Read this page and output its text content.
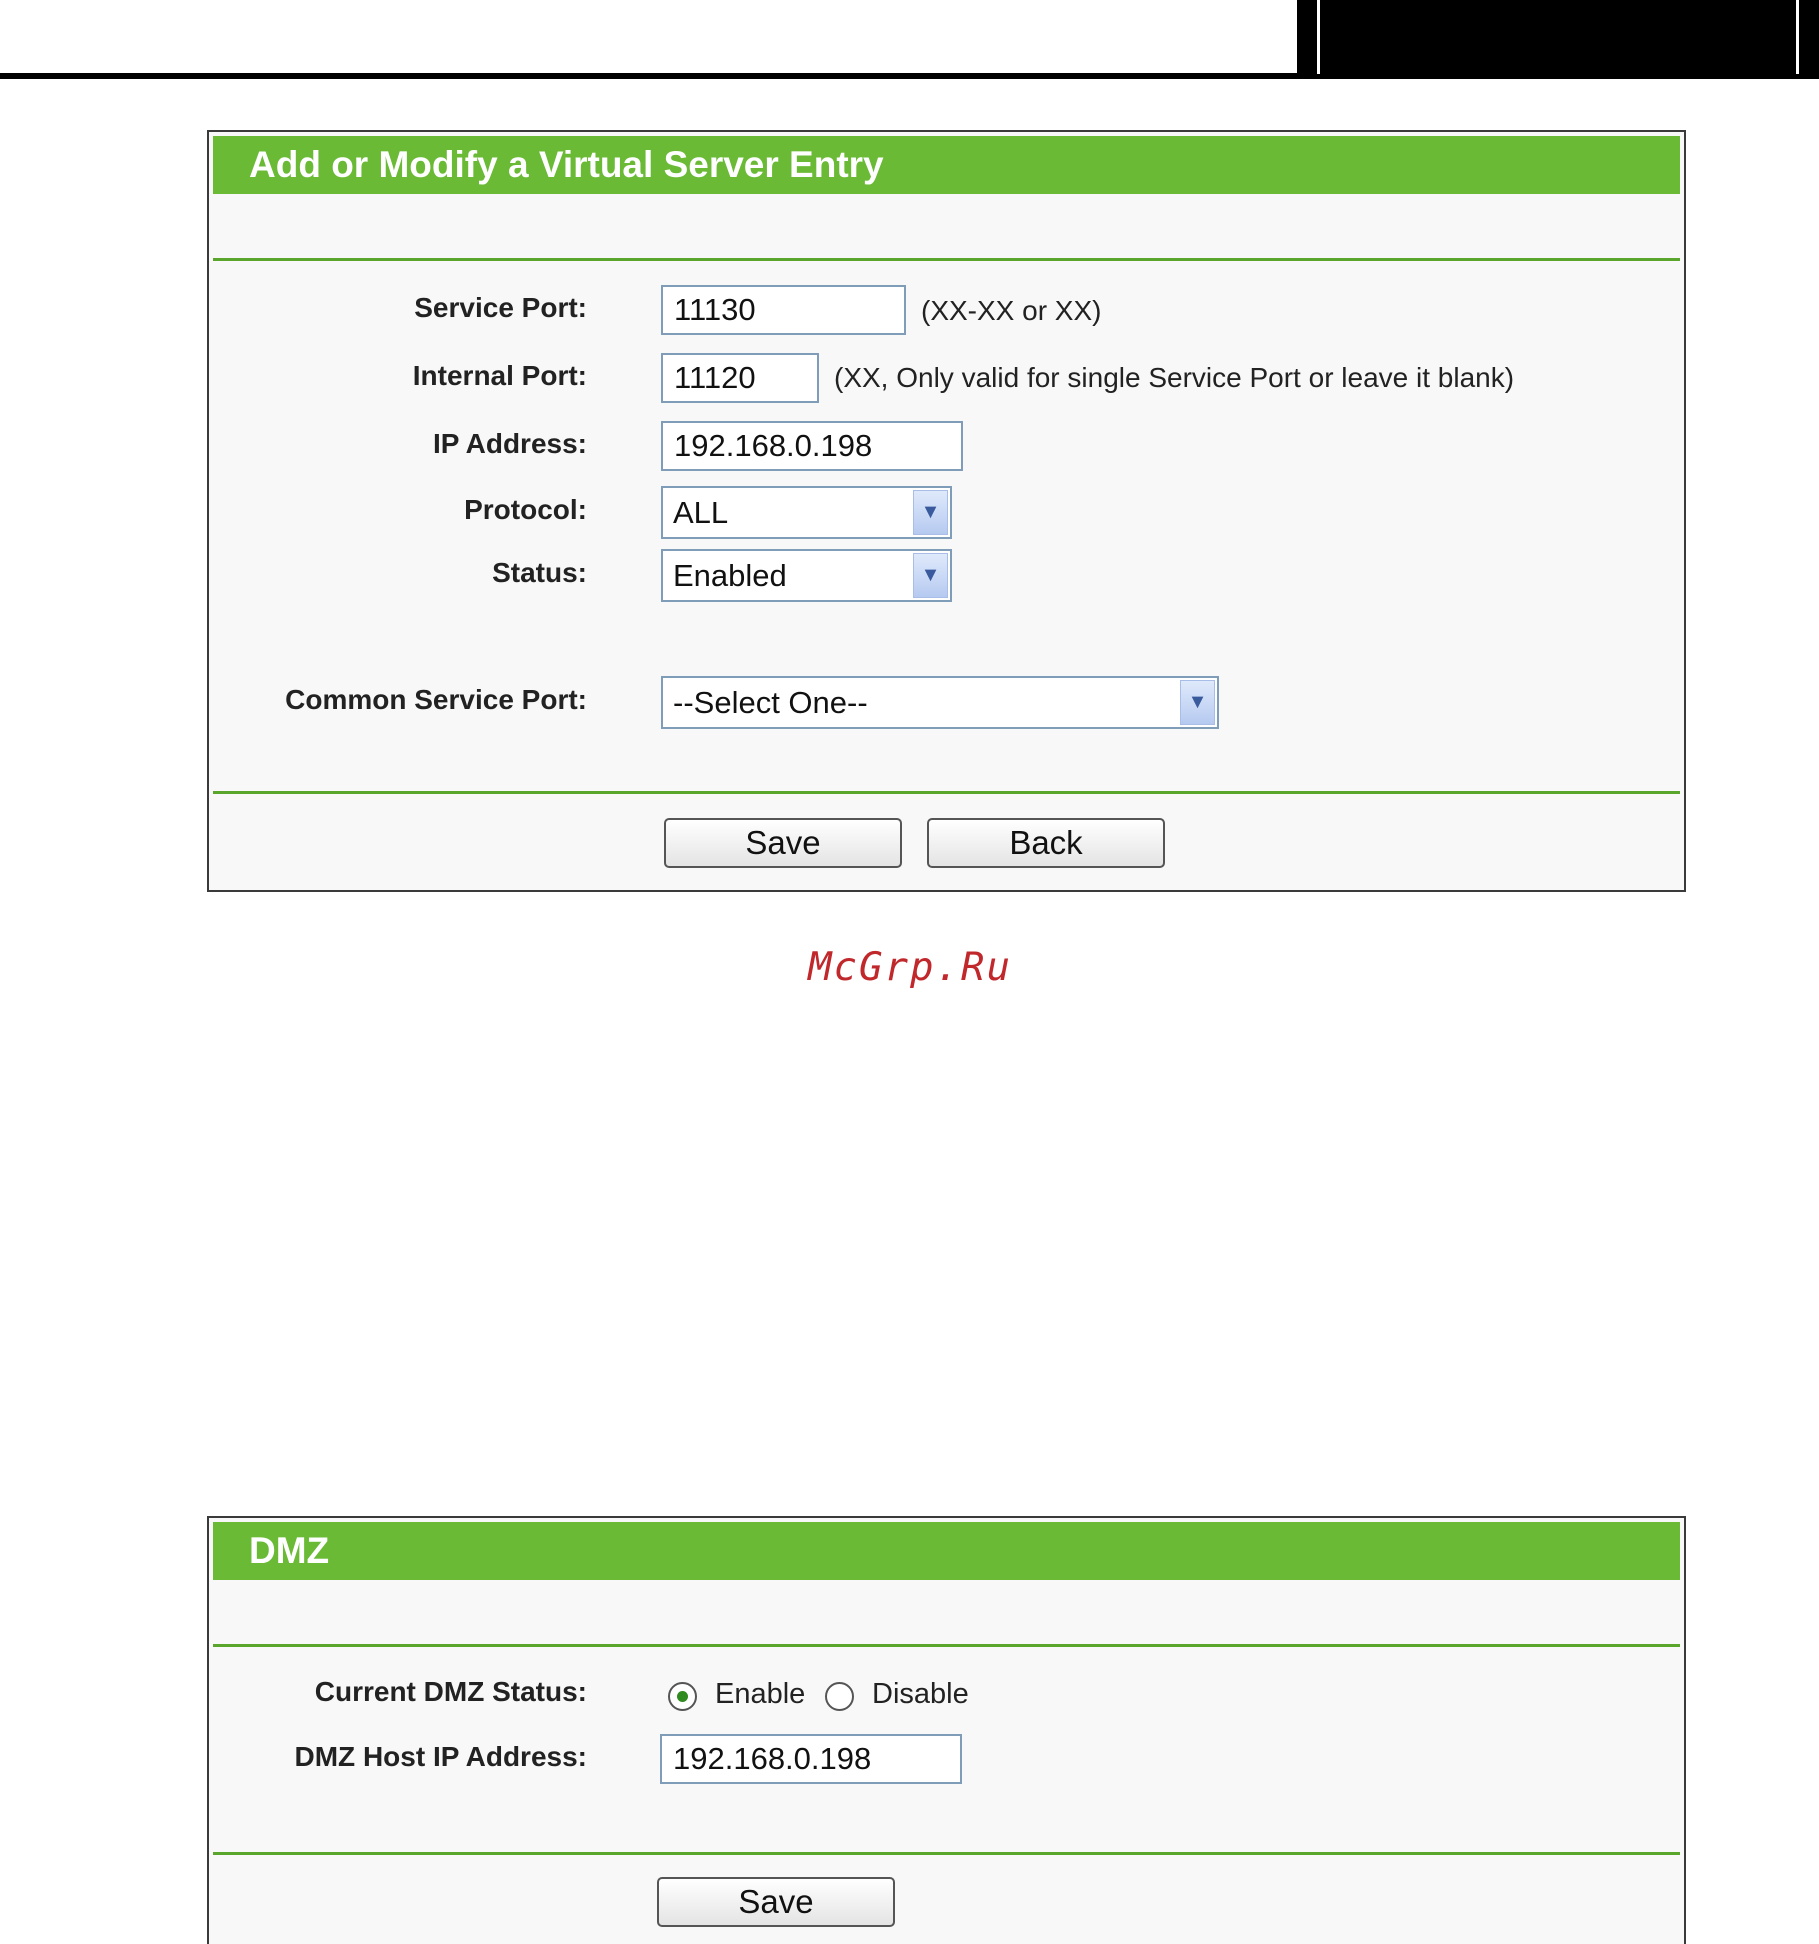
Add or Modify a Virtual Server Entry
Service Port:	11130	(XX-XX or XX)
Internal Port:	11120	(XX, Only valid for single Service Port or leave it blank)
IP Address:	192.168.0.198
Protocol:	ALL	▼
Status:	Enabled	▼
Common Service Port:	--Select One--	▼
Save	Back
McGrp.Ru
DMZ
Current DMZ Status:	Enable Disable
DMZ Host IP Address:	192.168.0.198
Save
